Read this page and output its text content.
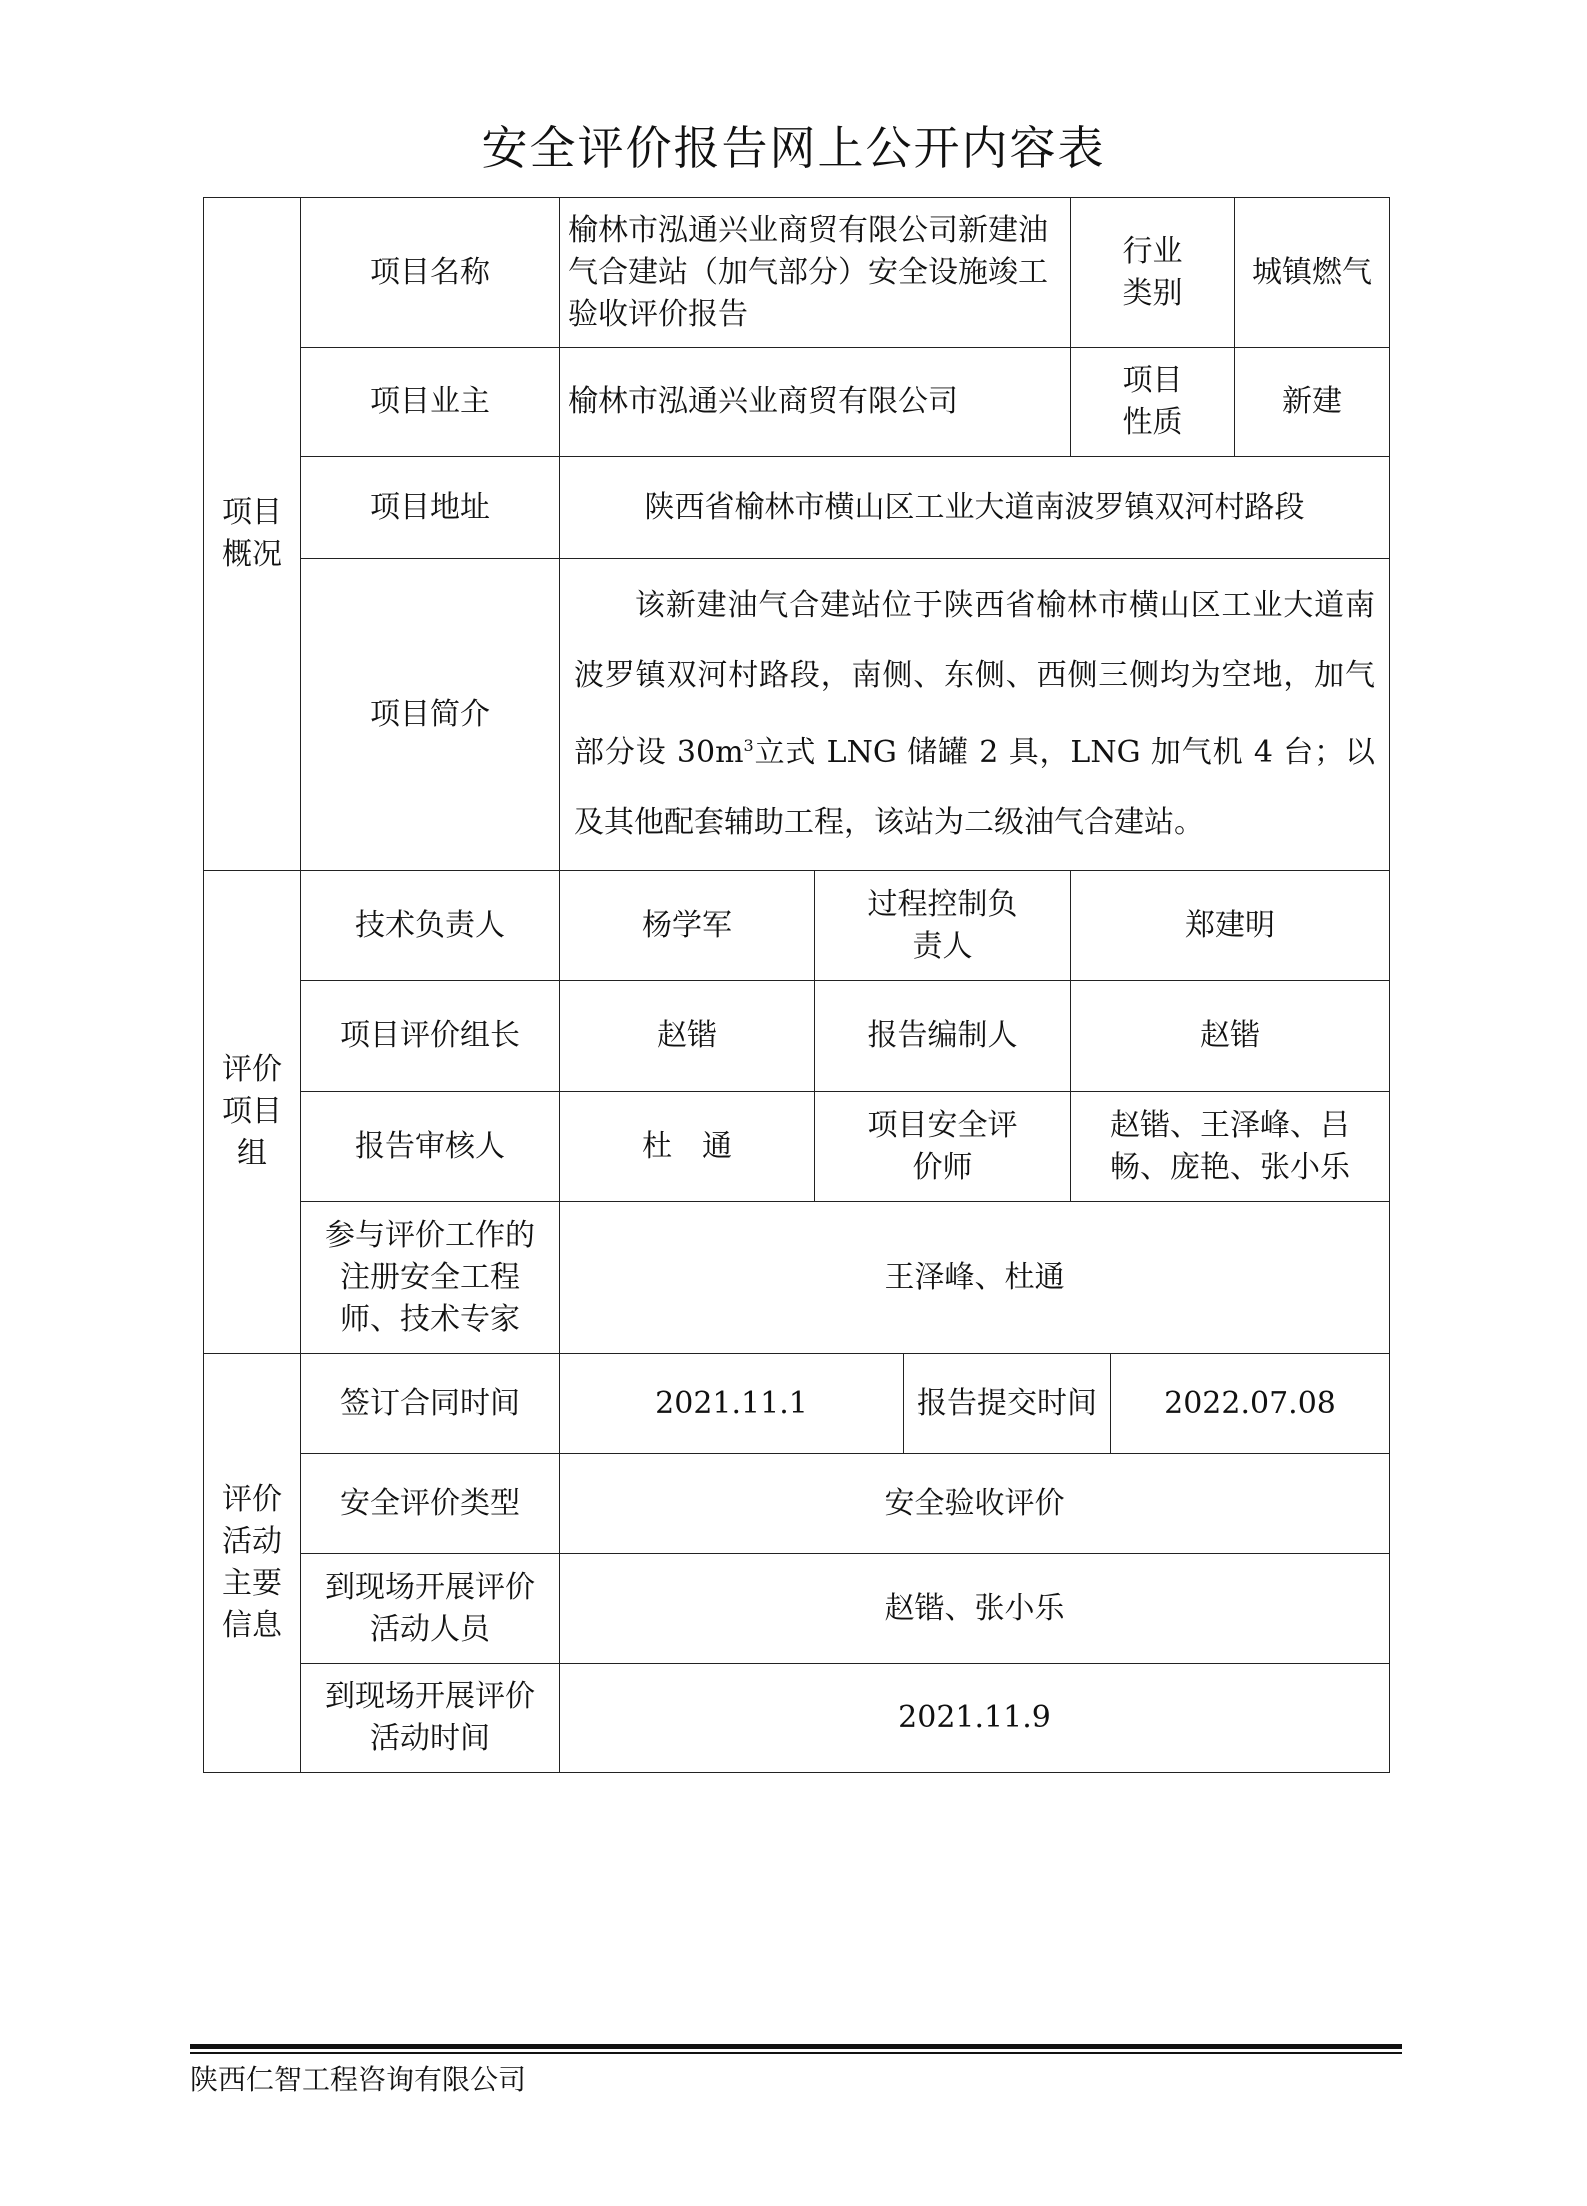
安全评价报告网上公开内容表
项目概况	项目名称	榆林市泓通兴业商贸有限公司新建油气合建站（加气部分）安全设施竣工验收评价报告			行业类别		城镇燃气
	项目业主	榆林市泓通兴业商贸有限公司			项目性质		新建
	项目地址	陕西省榆林市横山区工业大道南波罗镇双河村路段					
	项目简介	该新建油气合建站位于陕西省榆林市横山区工业大道南波罗镇双河村路段，南侧、东侧、西侧三侧均为空地，加气部分设 $30m^3$立式 LNG 储罐 2 具，LNG 加气机 4 台；以及其他配套辅助工程，该站为二级油气合建站。					
评价项目组	技术负责人	杨学军	过程控制负责人		郑建明		
	项目评价组长	赵锴	报告编制人		赵锴		
	报告审核人	杜　通	项目安全评价师		赵锴、王泽峰、吕畅、庞艳、张小乐		
	参与评价工作的注册安全工程师、技术专家	王泽峰、杜通					
评价活动主要信息	签订合同时间	2021.11.1		报告提交时间		2022.07.08	
	安全评价类型	安全验收评价					
	到现场开展评价活动人员	赵锴、张小乐					
	到现场开展评价活动时间	2021.11.9					
陕西仁智工程咨询有限公司
